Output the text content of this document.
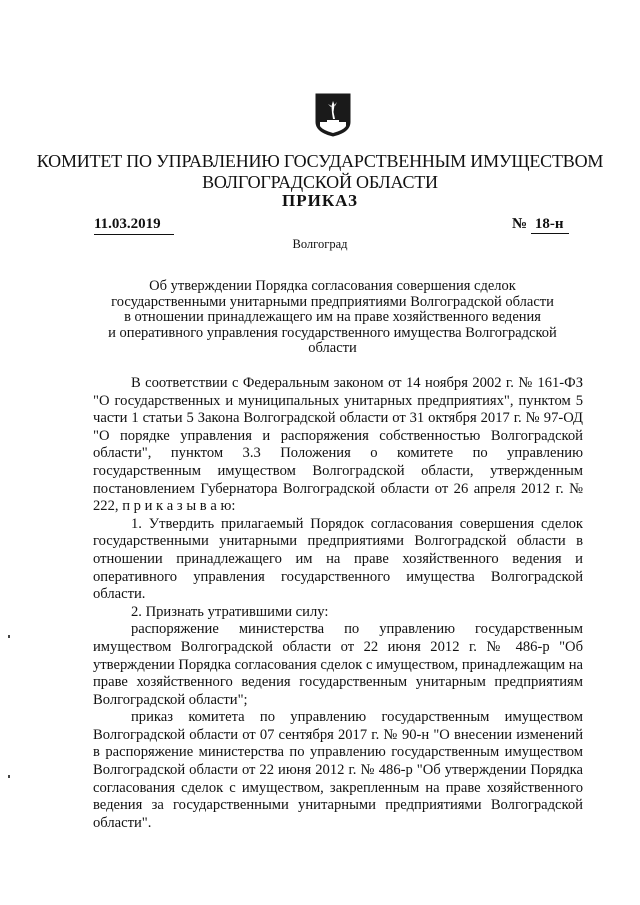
КОМИТЕТ ПО УПРАВЛЕНИЮ ГОСУДАРСТВЕННЫМ ИМУЩЕСТВОМ
ВОЛГОГРАДСКОЙ ОБЛАСТИ
ПРИКАЗ
11.03.2019	№ 18-н
Волгоград
Об утверждении Порядка согласования совершения сделок
государственными унитарными предприятиями Волгоградской области
в отношении принадлежащего им на праве хозяйственного ведения
и оперативного управления государственного имущества Волгоградской
области

В соответствии с Федеральным законом от 14 ноября 2002 г. № 161-ФЗ "О государственных и муниципальных унитарных предприятиях", пунктом 5 части 1 статьи 5 Закона Волгоградской области от 31 октября 2017 г. № 97-ОД "О порядке управления и распоряжения собственностью Волгоградской области", пунктом 3.3 Положения о комитете по управлению государственным имуществом Волгоградской области, утвержденным постановлением Губернатора Волгоградской области от 26 апреля 2012 г. № 222, п р и к а з ы в а ю:

1. Утвердить прилагаемый Порядок согласования совершения сделок государственными унитарными предприятиями Волгоградской области в отношении принадлежащего им на праве хозяйственного ведения и оперативного управления государственного имущества Волгоградской области.

2. Признать утратившими силу:

распоряжение министерства по управлению государственным имуществом Волгоградской области от 22 июня 2012 г. № 486-р "Об утверждении Порядка согласования сделок с имуществом, принадлежащим на праве хозяйственного ведения государственным унитарным предприятиям Волгоградской области";

приказ комитета по управлению государственным имуществом Волгоградской области от 07 сентября 2017 г. № 90-н "О внесении изменений в распоряжение министерства по управлению государственным имуществом Волгоградской области от 22 июня 2012 г. № 486-р "Об утверждении Порядка согласования сделок с имуществом, закрепленным на праве хозяйственного ведения за государственными унитарными предприятиями Волгоградской области".
